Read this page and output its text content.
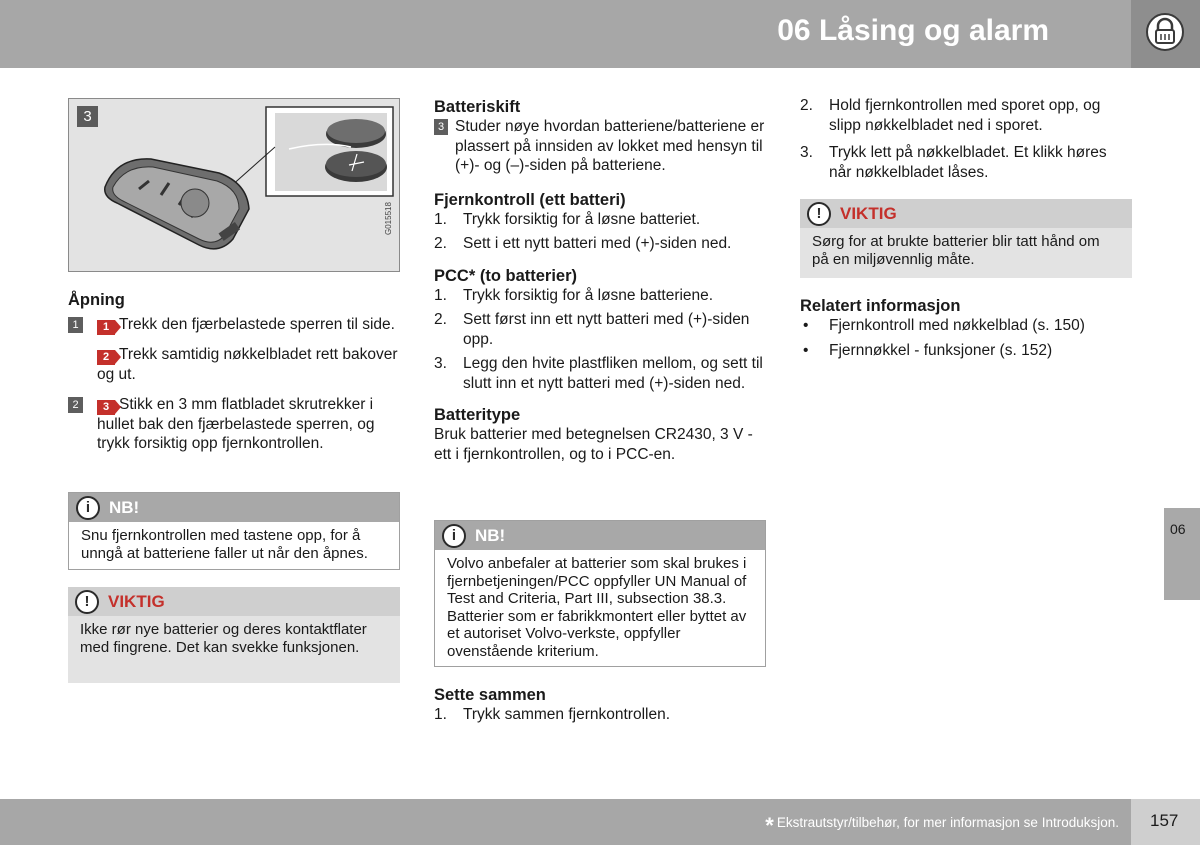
06 Låsing og alarm
06
3
G015518
Åpning
1	1 Trekk den fjærbelastede sperren til side.
2 Trekk samtidig nøkkelbladet rett bakover og ut.
2	3 Stikk en 3 mm flatbladet skrutrekker i hullet bak den fjærbelastede sperren, og trykk forsiktig opp fjernkontrollen.
i	NB!
Snu fjernkontrollen med tastene opp, for å unngå at batteriene faller ut når den åpnes.
!	VIKTIG
Ikke rør nye batterier og deres kontaktflater med fingrene. Det kan svekke funksjonen.
Batteriskift
3 Studer nøye hvordan batteriene/batteriene er plassert på innsiden av lokket med hensyn til (+)- og (–)-siden på batteriene.
Fjernkontroll (ett batteri)
1. Trykk forsiktig for å løsne batteriet.
2. Sett i ett nytt batteri med (+)-siden ned.
PCC* (to batterier)
1. Trykk forsiktig for å løsne batteriene.
2. Sett først inn ett nytt batteri med (+)-siden opp.
3. Legg den hvite plastfliken mellom, og sett til slutt inn et nytt batteri med (+)-siden ned.
Batteritype
Bruk batterier med betegnelsen CR2430, 3 V - ett i fjernkontrollen, og to i PCC-en.
i	NB!
Volvo anbefaler at batterier som skal brukes i fjernbetjeningen/PCC oppfyller UN Manual of Test and Criteria, Part III, subsection 38.3. Batterier som er fabrikkmontert eller byttet av et autoriset Volvo-verkste, oppfyller ovenstående kriterium.
Sette sammen
1. Trykk sammen fjernkontrollen.
2. Hold fjernkontrollen med sporet opp, og slipp nøkkelbladet ned i sporet.
3. Trykk lett på nøkkelbladet. Et klikk høres når nøkkelbladet låses.
!	VIKTIG
Sørg for at brukte batterier blir tatt hånd om på en miljøvennlig måte.
Relatert informasjon
• Fjernkontroll med nøkkelblad (s. 150)
• Fjernnøkkel - funksjoner (s. 152)
* Ekstrautstyr/tilbehør, for mer informasjon se Introduksjon. 157
